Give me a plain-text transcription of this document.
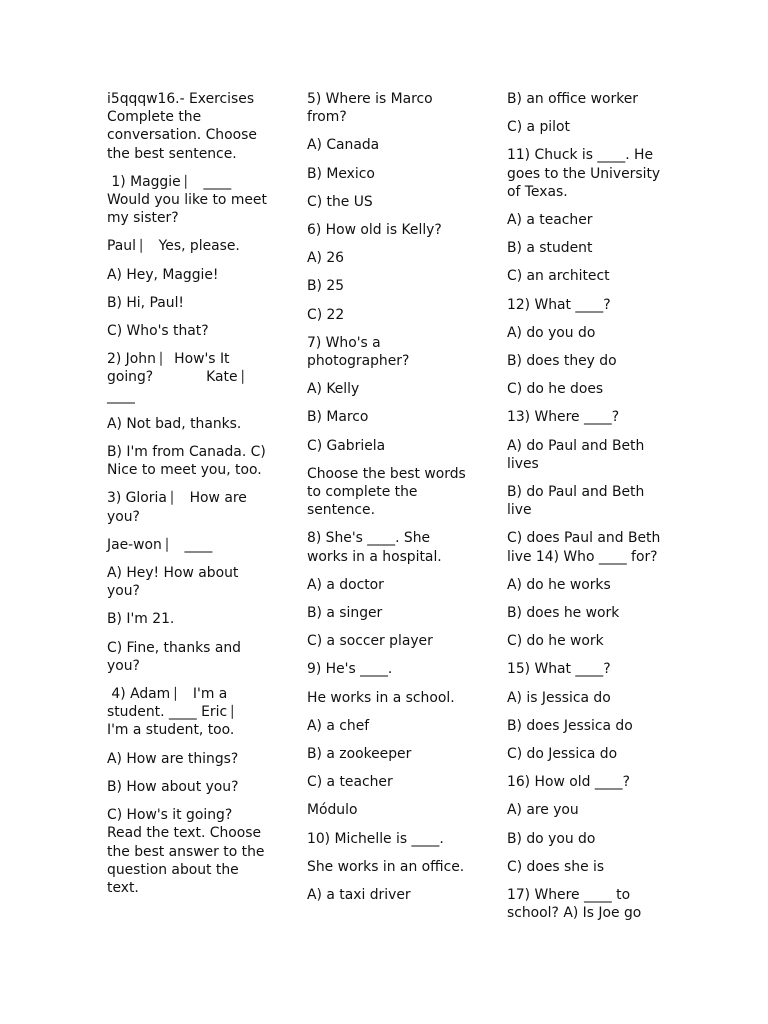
i5qqqw16.- Exercises Complete the conversation. Choose the best sentence.

1) Maggie ⎸ ____ Would you like to meet my sister?

Paul ⎸ Yes, please.

A) Hey, Maggie!

B) Hi, Paul!

C) Who's that?

2) John ⎸How's It going?            Kate ⎸ ____

A) Not bad, thanks.

B) I'm from Canada. C) Nice to meet you, too.

3) Gloria ⎸ How are you?

Jae-won ⎸ ____

A) Hey! How about you?

B) I'm 21.

C) Fine, thanks and you?

4) Adam ⎸ I'm a student. ____ Eric ⎸ I'm a student, too.

A) How are things?

B) How about you?

C) How's it going? Read the text. Choose the best answer to the question about the text.

5) Where is Marco from?

A) Canada

B) Mexico

C) the US

6) How old is Kelly?

A) 26

B) 25

C) 22

7) Who's a photographer?

A) Kelly

B) Marco

C) Gabriela

Choose the best words to complete the sentence.

8) She's ____. She works in a hospital.

A) a doctor

B) a singer

C) a soccer player

9) He's ____.

He works in a school.

A) a chef

B) a zookeeper

C) a teacher

Módulo

10) Michelle is ____.

She works in an office.

A) a taxi driver

B) an office worker

C) a pilot

11) Chuck is ____. He goes to the University of Texas.

A) a teacher

B) a student

C) an architect

12) What ____?

A) do you do

B) does they do

C) do he does

13) Where ____?

A) do Paul and Beth lives

B) do Paul and Beth live

C) does Paul and Beth live 14) Who ____ for?

A) do he works

B) does he work

C) do he work

15) What ____?

A) is Jessica do

B) does Jessica do

C) do Jessica do

16) How old ____?

A) are you

B) do you do

C) does she is

17) Where ____ to school? A) Is Joe go
